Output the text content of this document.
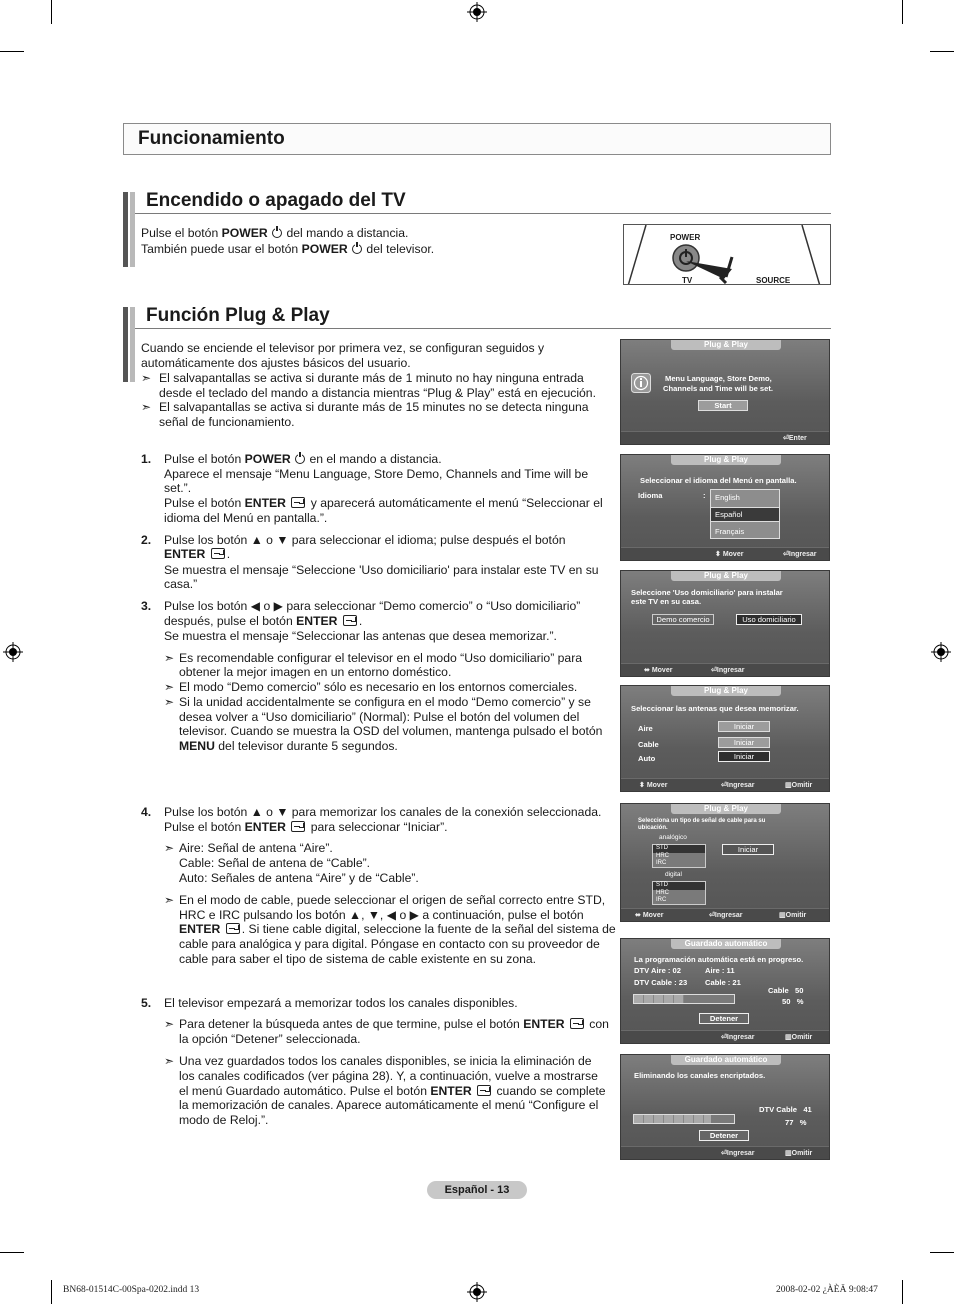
Funcionamiento
Encendido o apagado del TV
Pulse el botón POWER  del mando a distancia.
También puede usar el botón POWER  del televisor.
POWER
TV	SOURCE
Función Plug & Play
Cuando se enciende el televisor por primera vez, se configuran seguidos y
automáticamente dos ajustes básicos del usuario.
➣ El salvapantallas se activa si durante más de 1 minuto no hay ninguna entrada
desde el teclado del mando a distancia mientras “Plug & Play” está en ejecución.
➣ El salvapantallas se activa si durante más de 15 minutes no se detecta ninguna
señal de funcionamiento.
1. Pulse el botón POWER  en el mando a distancia.
Aparece el mensaje “Menu Language, Store Demo, Channels and Time will be
set.”.
Pulse el botón ENTER  y aparecerá automáticamente el menú “Seleccionar el
idioma del Menú en pantalla.”.
2. Pulse los botón ▲ o ▼ para seleccionar el idioma; pulse después el botón
ENTER .
Se muestra el mensaje “Seleccione 'Uso domiciliario' para instalar este TV en su
casa.”
3. Pulse los botón ◀ o ▶ para seleccionar “Demo comercio” o “Uso domiciliario”
después, pulse el botón ENTER .
Se muestra el mensaje “Seleccionar las antenas que desea memorizar.”.
➣ Es recomendable configurar el televisor en el modo “Uso domiciliario” para
obtener la mejor imagen en un entorno doméstico.
➣ El modo “Demo comercio” sólo es necesario en los entornos comerciales.
➣ Si la unidad accidentalmente se configura en el modo “Demo comercio” y se
desea volver a “Uso domiciliario” (Normal): Pulse el botón del volumen del
televisor. Cuando se muestra la OSD del volumen, mantenga pulsado el botón
MENU del televisor durante 5 segundos.
4. Pulse los botón ▲ o ▼ para memorizar los canales de la conexión seleccionada.
Pulse el botón ENTER  para seleccionar “Iniciar”.
➣ Aire: Señal de antena “Aire”.
Cable: Señal de antena de “Cable”.
Auto: Señales de antena “Aire” y de “Cable”.
➣ En el modo de cable, puede seleccionar el origen de señal correcto entre STD,
HRC e IRC pulsando los botón ▲, ▼, ◀ o ▶ a continuación, pulse el botón
ENTER . Si tiene cable digital, seleccione la fuente de la señal del sistema de
cable para analógica y para digital. Póngase en contacto con su proveedor de
cable para saber el tipo de sistema de cable existente en su zona.
5. El televisor empezará a memorizar todos los canales disponibles.
➣ Para detener la búsqueda antes de que termine, pulse el botón ENTER  con
la opción “Detener” seleccionada.
➣ Una vez guardados todos los canales disponibles, se inicia la eliminación de
los canales codificados (ver página 28). Y, a continuación, vuelve a mostrarse
el menú Guardado automático. Pulse el botón ENTER  cuando se complete
la memorización de canales. Aparece automáticamente el menú “Configure el
modo de Reloj.”.
Plug & Play
Menu Language, Store Demo,
Channels and Time will be set.
Start
⏎Enter
Plug & Play
Seleccionar el idioma del Menú en pantalla.
Idioma	: English
Español
Français
⬍ Mover	⏎Ingresar
Plug & Play
Seleccione 'Uso domiciliario' para instalar
este TV en su casa.
Demo comercio	Uso domiciliario
⬌ Mover	⏎Ingresar
Plug & Play
Seleccionar las antenas que desea memorizar.
Aire	Iniciar
Cable	Iniciar
Auto	Iniciar
⬍ Mover	⏎Ingresar	▥Omitir
Plug & Play
Selecciona un tipo de señal de cable para su
ubicación.
analógico
STD
HRC
IRC
digital
STD
HRC
IRC
Iniciar
⬌ Mover	⏎Ingresar	▥Omitir
Guardado automático
La programación automática está en progreso.
DTV Aire : 02	Aire : 11
DTV Cable : 23 Cable : 21
Cable 50
50 %
Detener
⏎Ingresar	▥Omitir
Guardado automático
Eliminando los canales encriptados.
DTV Cable 41
77 %
Detener
⏎Ingresar	▥Omitir
Español - 13
BN68-01514C-00Spa-0202.indd 13	2008-02-02 ¿ÀÈÄ 9:08:47
